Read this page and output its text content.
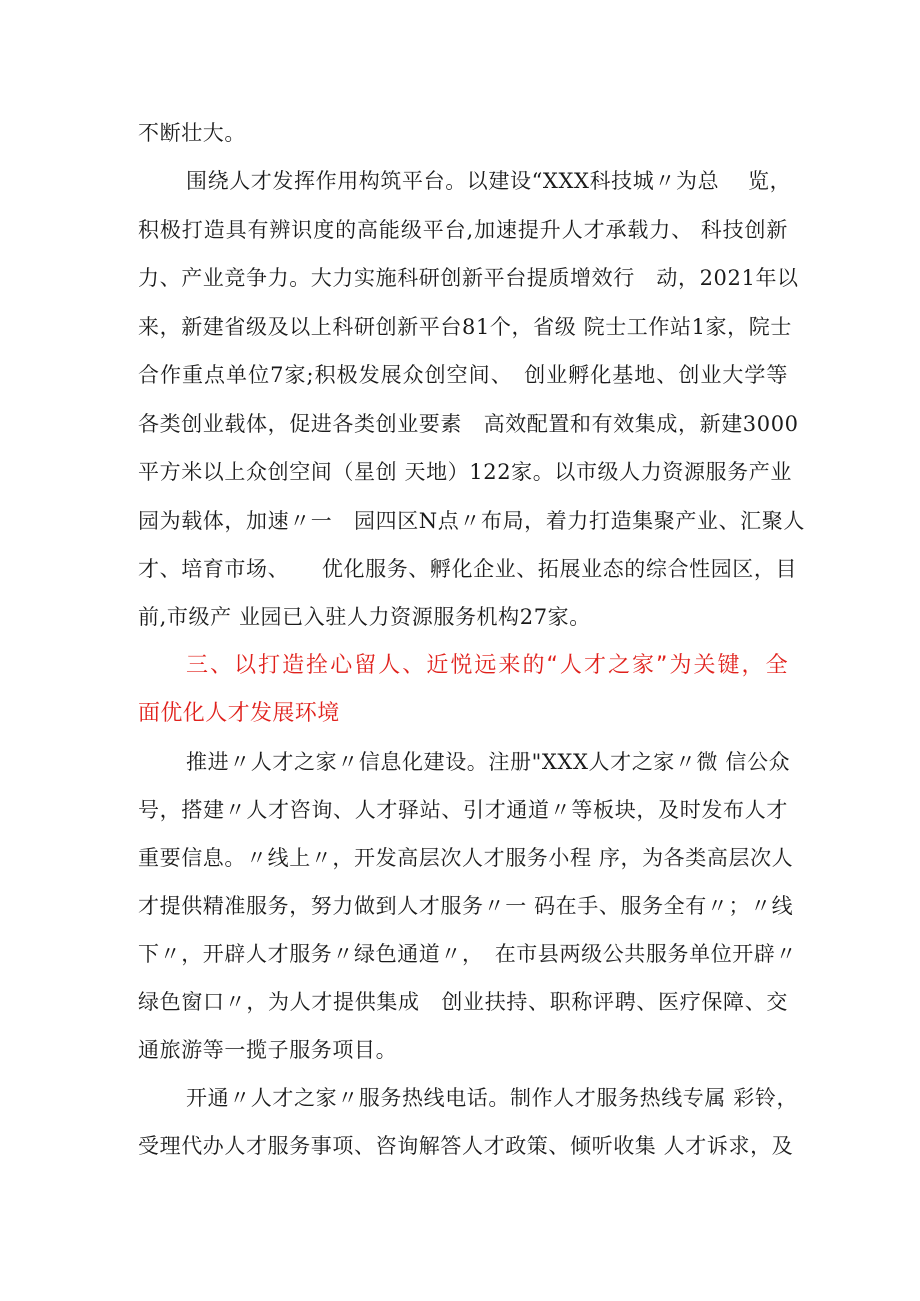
不断壮大。
围绕人才发挥作用构筑平台。以建设“XXX科技城〃为总　 览，
积极打造具有辨识度的高能级平台,加速提升人才承载力、 科技创新
力、产业竞争力。大力实施科研创新平台提质增效行　动，2021年以
来，新建省级及以上科研创新平台81个，省级 院士工作站1家，院士
合作重点单位7家;积极发展众创空间、　创业孵化基地、创业大学等
各类创业载体，促进各类创业要素　高效配置和有效集成，新建3000
平方米以上众创空间（星创 天地）122家。以市级人力资源服务产业
园为载体，加速〃一　园四区N点〃布局，着力打造集聚产业、汇聚人
才、培育市场、　　优化服务、孵化企业、拓展业态的综合性园区，目
前,市级产 业园已入驻人力资源服务机构27家。
三、以打造拴心留人、近悦远来的“人才之家”为关键，全
面优化人才发展环境
推进〃人才之家〃信息化建设。注册"XXX人才之家〃微 信公众
号，搭建〃人才咨询、人才驿站、引才通道〃等板块，及时发布人才
重要信息。〃线上〃，开发高层次人才服务小程 序，为各类高层次人
才提供精准服务，努力做到人才服务〃一 码在手、服务全有〃；〃线
下〃，开辟人才服务〃绿色通道〃，　在市县两级公共服务单位开辟〃
绿色窗口〃，为人才提供集成　创业扶持、职称评聘、医疗保障、交
通旅游等一揽子服务项目。
开通〃人才之家〃服务热线电话。制作人才服务热线专属 彩铃，
受理代办人才服务事项、咨询解答人才政策、倾听收集 人才诉求，及
